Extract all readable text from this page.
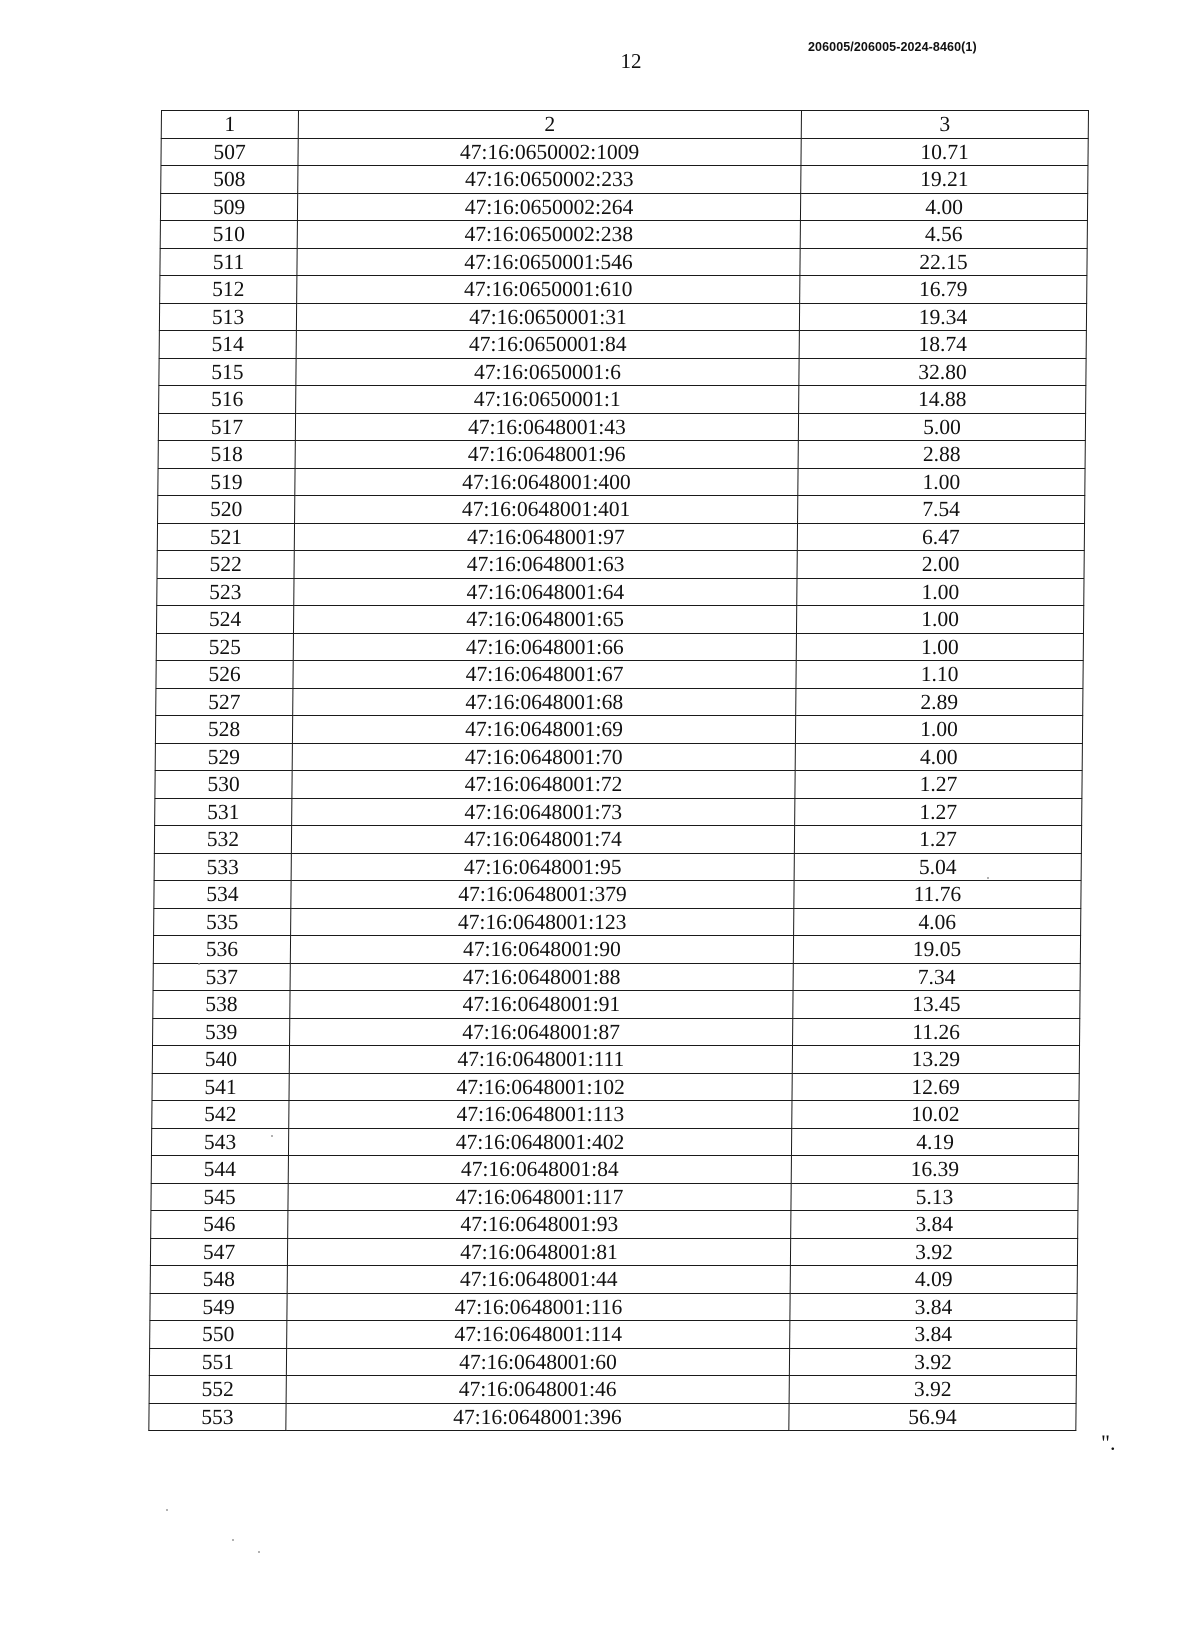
12
206005/206005-2024-8460(1)
1	2	3
507	47:16:0650002:1009	10.71
508	47:16:0650002:233	19.21
509	47:16:0650002:264	4.00
510	47:16:0650002:238	4.56
511	47:16:0650001:546	22.15
512	47:16:0650001:610	16.79
513	47:16:0650001:31	19.34
514	47:16:0650001:84	18.74
515	47:16:0650001:6	32.80
516	47:16:0650001:1	14.88
517	47:16:0648001:43	5.00
518	47:16:0648001:96	2.88
519	47:16:0648001:400	1.00
520	47:16:0648001:401	7.54
521	47:16:0648001:97	6.47
522	47:16:0648001:63	2.00
523	47:16:0648001:64	1.00
524	47:16:0648001:65	1.00
525	47:16:0648001:66	1.00
526	47:16:0648001:67	1.10
527	47:16:0648001:68	2.89
528	47:16:0648001:69	1.00
529	47:16:0648001:70	4.00
530	47:16:0648001:72	1.27
531	47:16:0648001:73	1.27
532	47:16:0648001:74	1.27
533	47:16:0648001:95	5.04
534	47:16:0648001:379	11.76
535	47:16:0648001:123	4.06
536	47:16:0648001:90	19.05
537	47:16:0648001:88	7.34
538	47:16:0648001:91	13.45
539	47:16:0648001:87	11.26
540	47:16:0648001:111	13.29
541	47:16:0648001:102	12.69
542	47:16:0648001:113	10.02
543	47:16:0648001:402	4.19
544	47:16:0648001:84	16.39
545	47:16:0648001:117	5.13
546	47:16:0648001:93	3.84
547	47:16:0648001:81	3.92
548	47:16:0648001:44	4.09
549	47:16:0648001:116	3.84
550	47:16:0648001:114	3.84
551	47:16:0648001:60	3.92
552	47:16:0648001:46	3.92
553	47:16:0648001:396	56.94
".
